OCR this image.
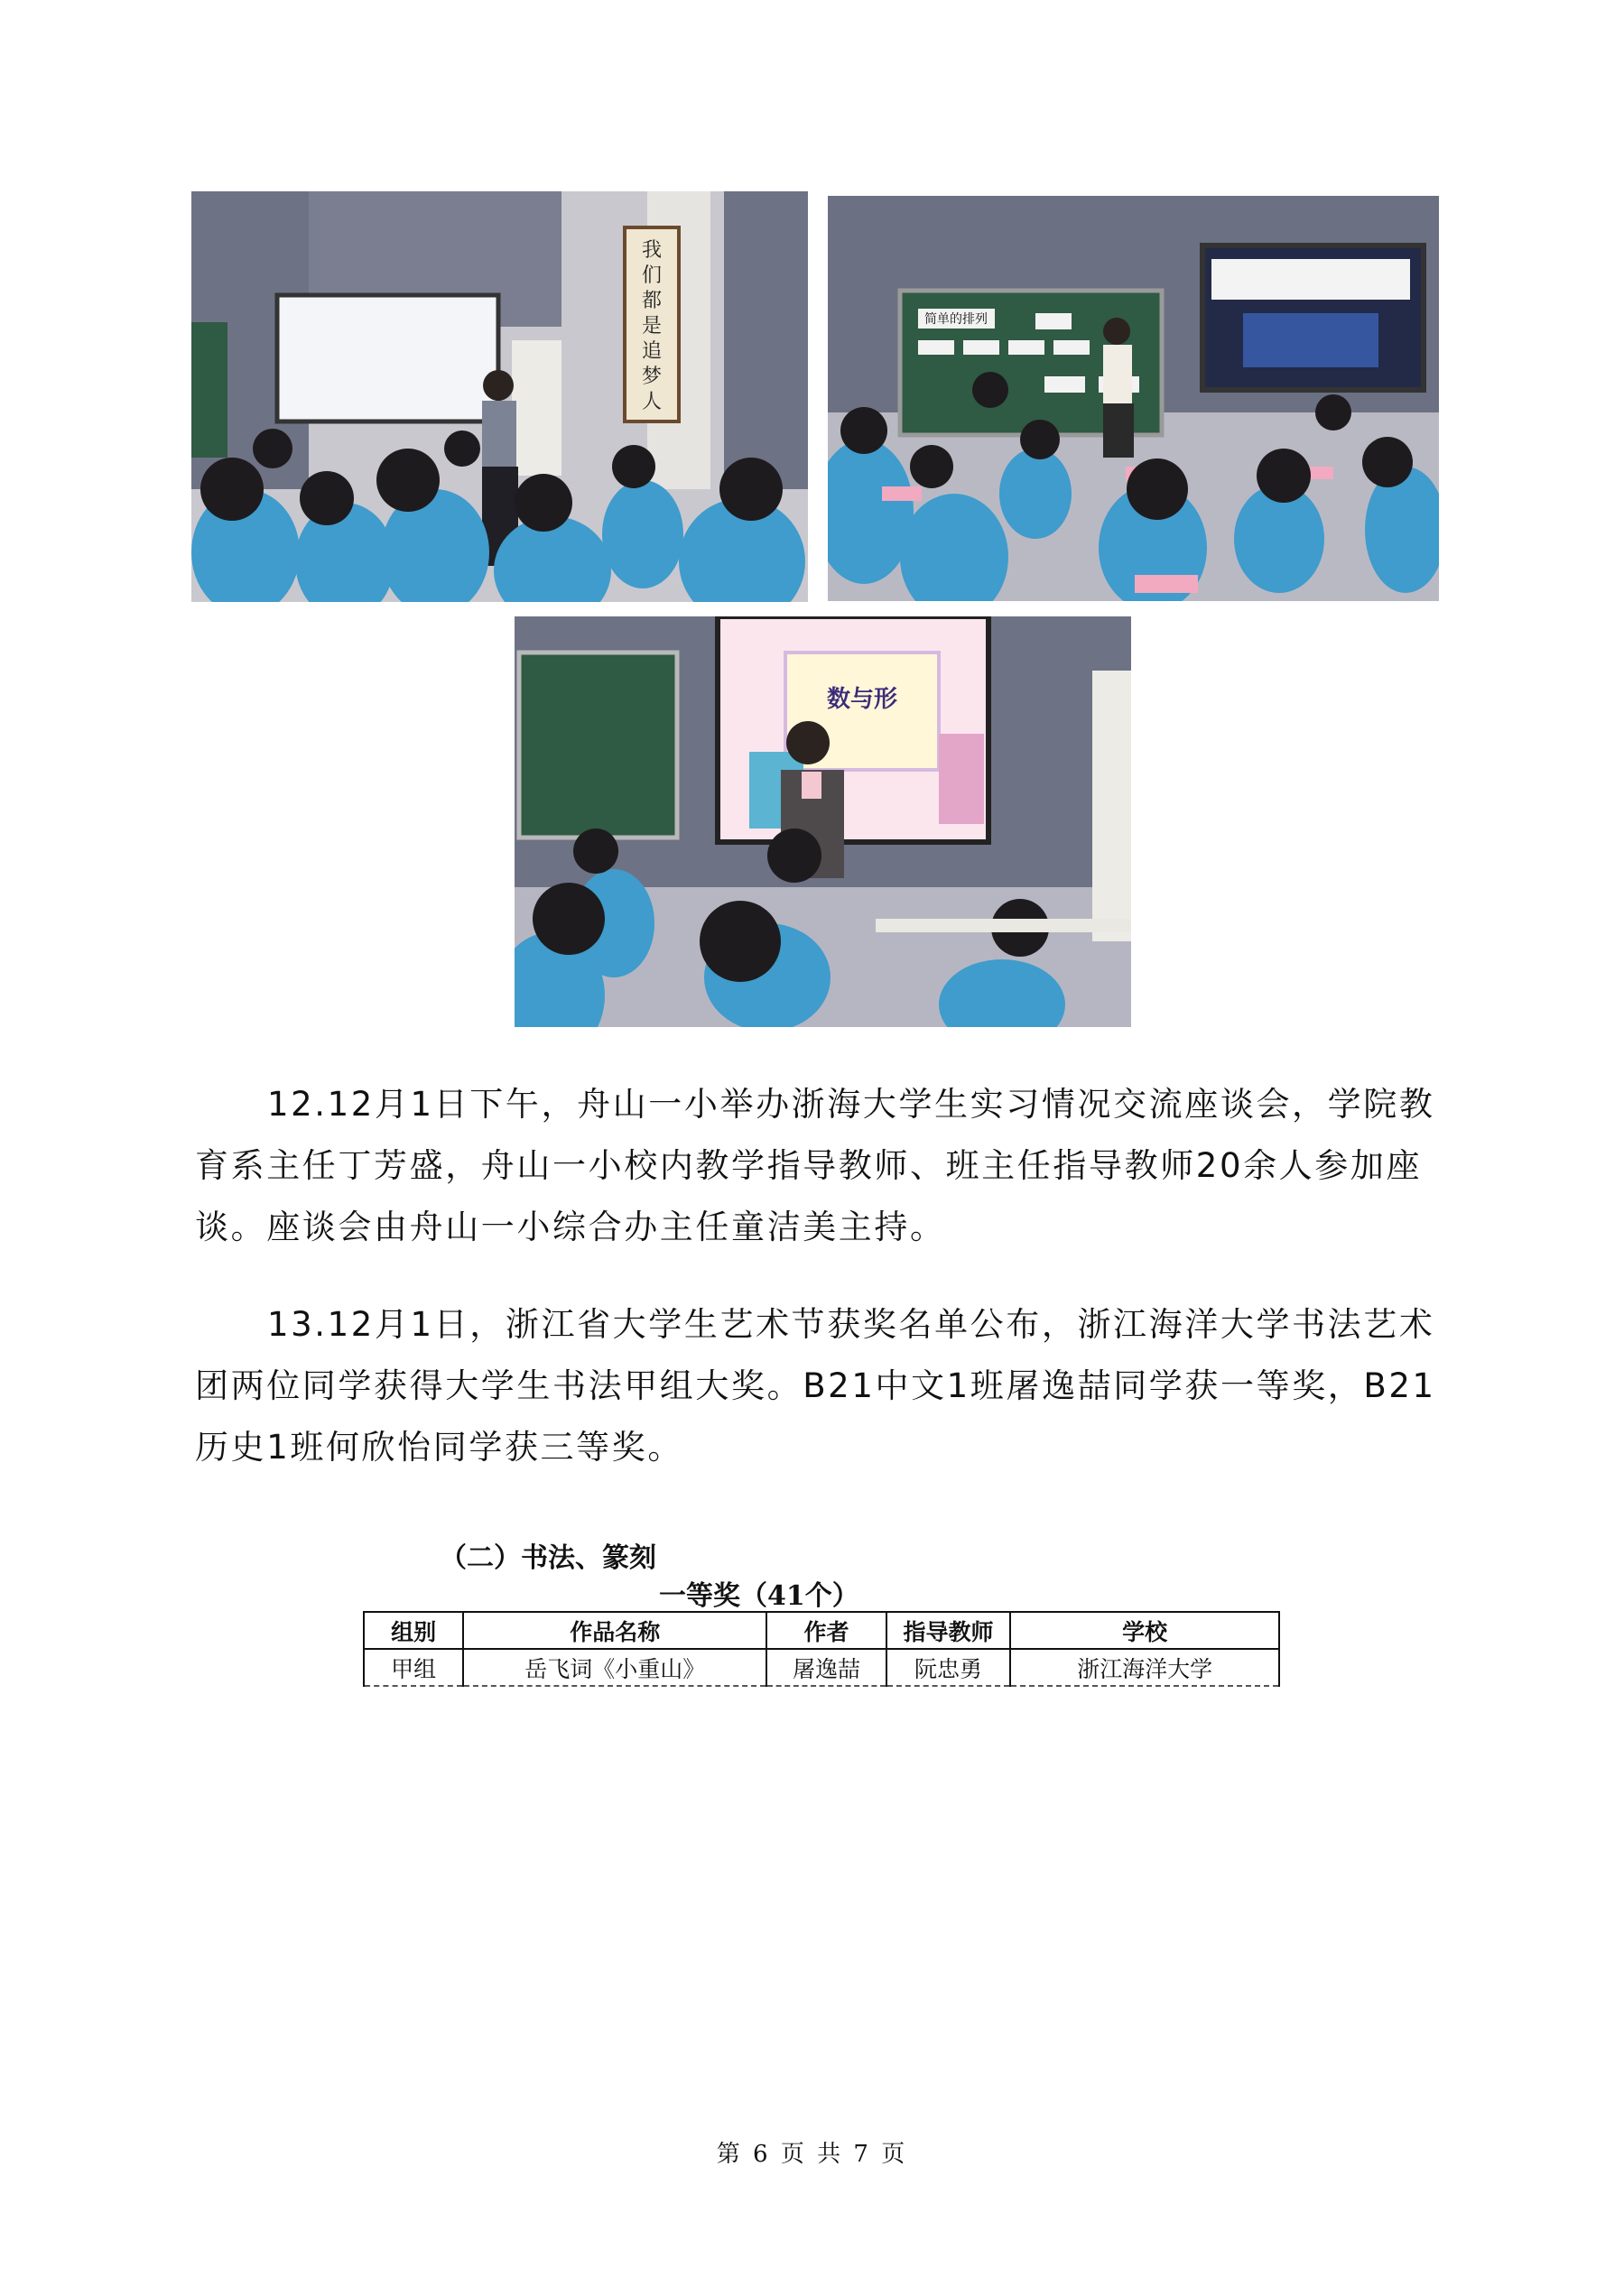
我
们
都
是
追
梦
人
简单的排列
数与形

12.12月1日下午，舟山一小举办浙海大学生实习情况交流座谈会，学院教育系主任丁芳盛，舟山一小校内教学指导教师、班主任指导教师20余人参加座谈。座谈会由舟山一小综合办主任童洁美主持。

13.12月1日，浙江省大学生艺术节获奖名单公布，浙江海洋大学书法艺术团两位同学获得大学生书法甲组大奖。B21中文1班屠逸喆同学获一等奖，B21历史1班何欣怡同学获三等奖。

（二）书法、篆刻
一等奖（41个）
组别	作品名称	作者	指导教师	学校
甲组	岳飞词《小重山》	屠逸喆	阮忠勇	浙江海洋大学
第 6 页 共 7 页
